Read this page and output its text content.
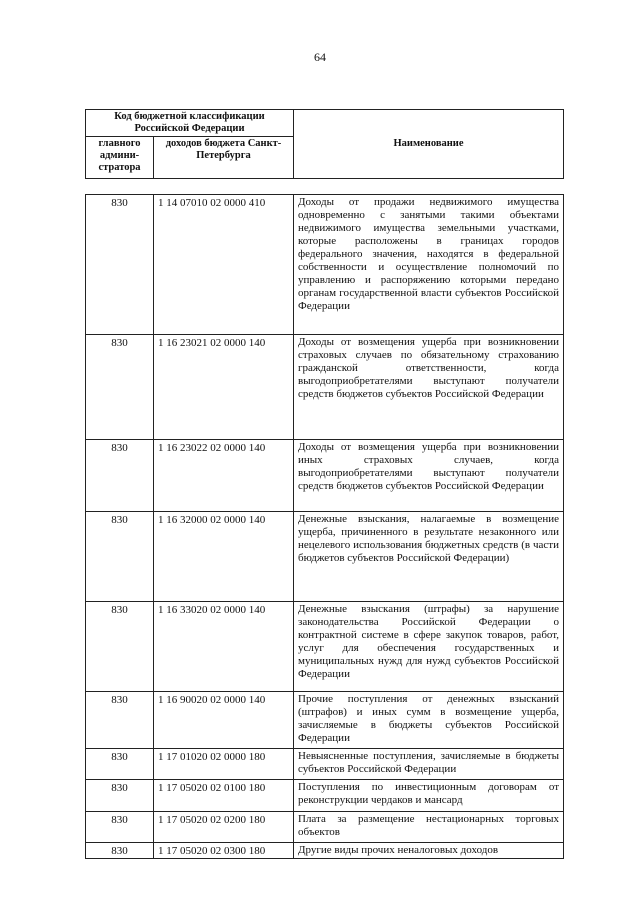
64
Код бюджетной классификации Российской Федерации		Наименование
главного админи-стратора	доходов бюджета Санкт-Петербурга	
830	1 14 07010 02 0000 410	Доходы от продажи недвижимого имущества одновременно с занятыми такими объектами недвижимого имущества земельными участками, которые расположены в границах городов федерального значения, находятся в федеральной собственности и осуществление полномочий по управлению и распоряжению которыми передано органам государственной власти субъектов Российской Федерации
830	1 16 23021 02 0000 140	Доходы от возмещения ущерба при возникновении страховых случаев по обязательному страхованию гражданской ответственности, когда выгодоприобретателями выступают получатели средств бюджетов субъектов Российской Федерации
830	1 16 23022 02 0000 140	Доходы от возмещения ущерба при возникновении иных страховых случаев, когда выгодоприобретателями выступают получатели средств бюджетов субъектов Российской Федерации
830	1 16 32000 02 0000 140	Денежные взыскания, налагаемые в возмещение ущерба, причиненного в результате незаконного или нецелевого использования бюджетных средств (в части бюджетов субъектов Российской Федерации)
830	1 16 33020 02 0000 140	Денежные взыскания (штрафы) за нарушение законодательства Российской Федерации о контрактной системе в сфере закупок товаров, работ, услуг для обеспечения государственных и муниципальных нужд для нужд субъектов Российской Федерации
830	1 16 90020 02 0000 140	Прочие поступления от денежных взысканий (штрафов) и иных сумм в возмещение ущерба, зачисляемые в бюджеты субъектов Российской Федерации
830	1 17 01020 02 0000 180	Невыясненные поступления, зачисляемые в бюджеты субъектов Российской Федерации
830	1 17 05020 02 0100 180	Поступления по инвестиционным договорам от реконструкции чердаков и мансард
830	1 17 05020 02 0200 180	Плата за размещение нестационарных торговых объектов
830	1 17 05020 02 0300 180	Другие виды прочих неналоговых доходов
